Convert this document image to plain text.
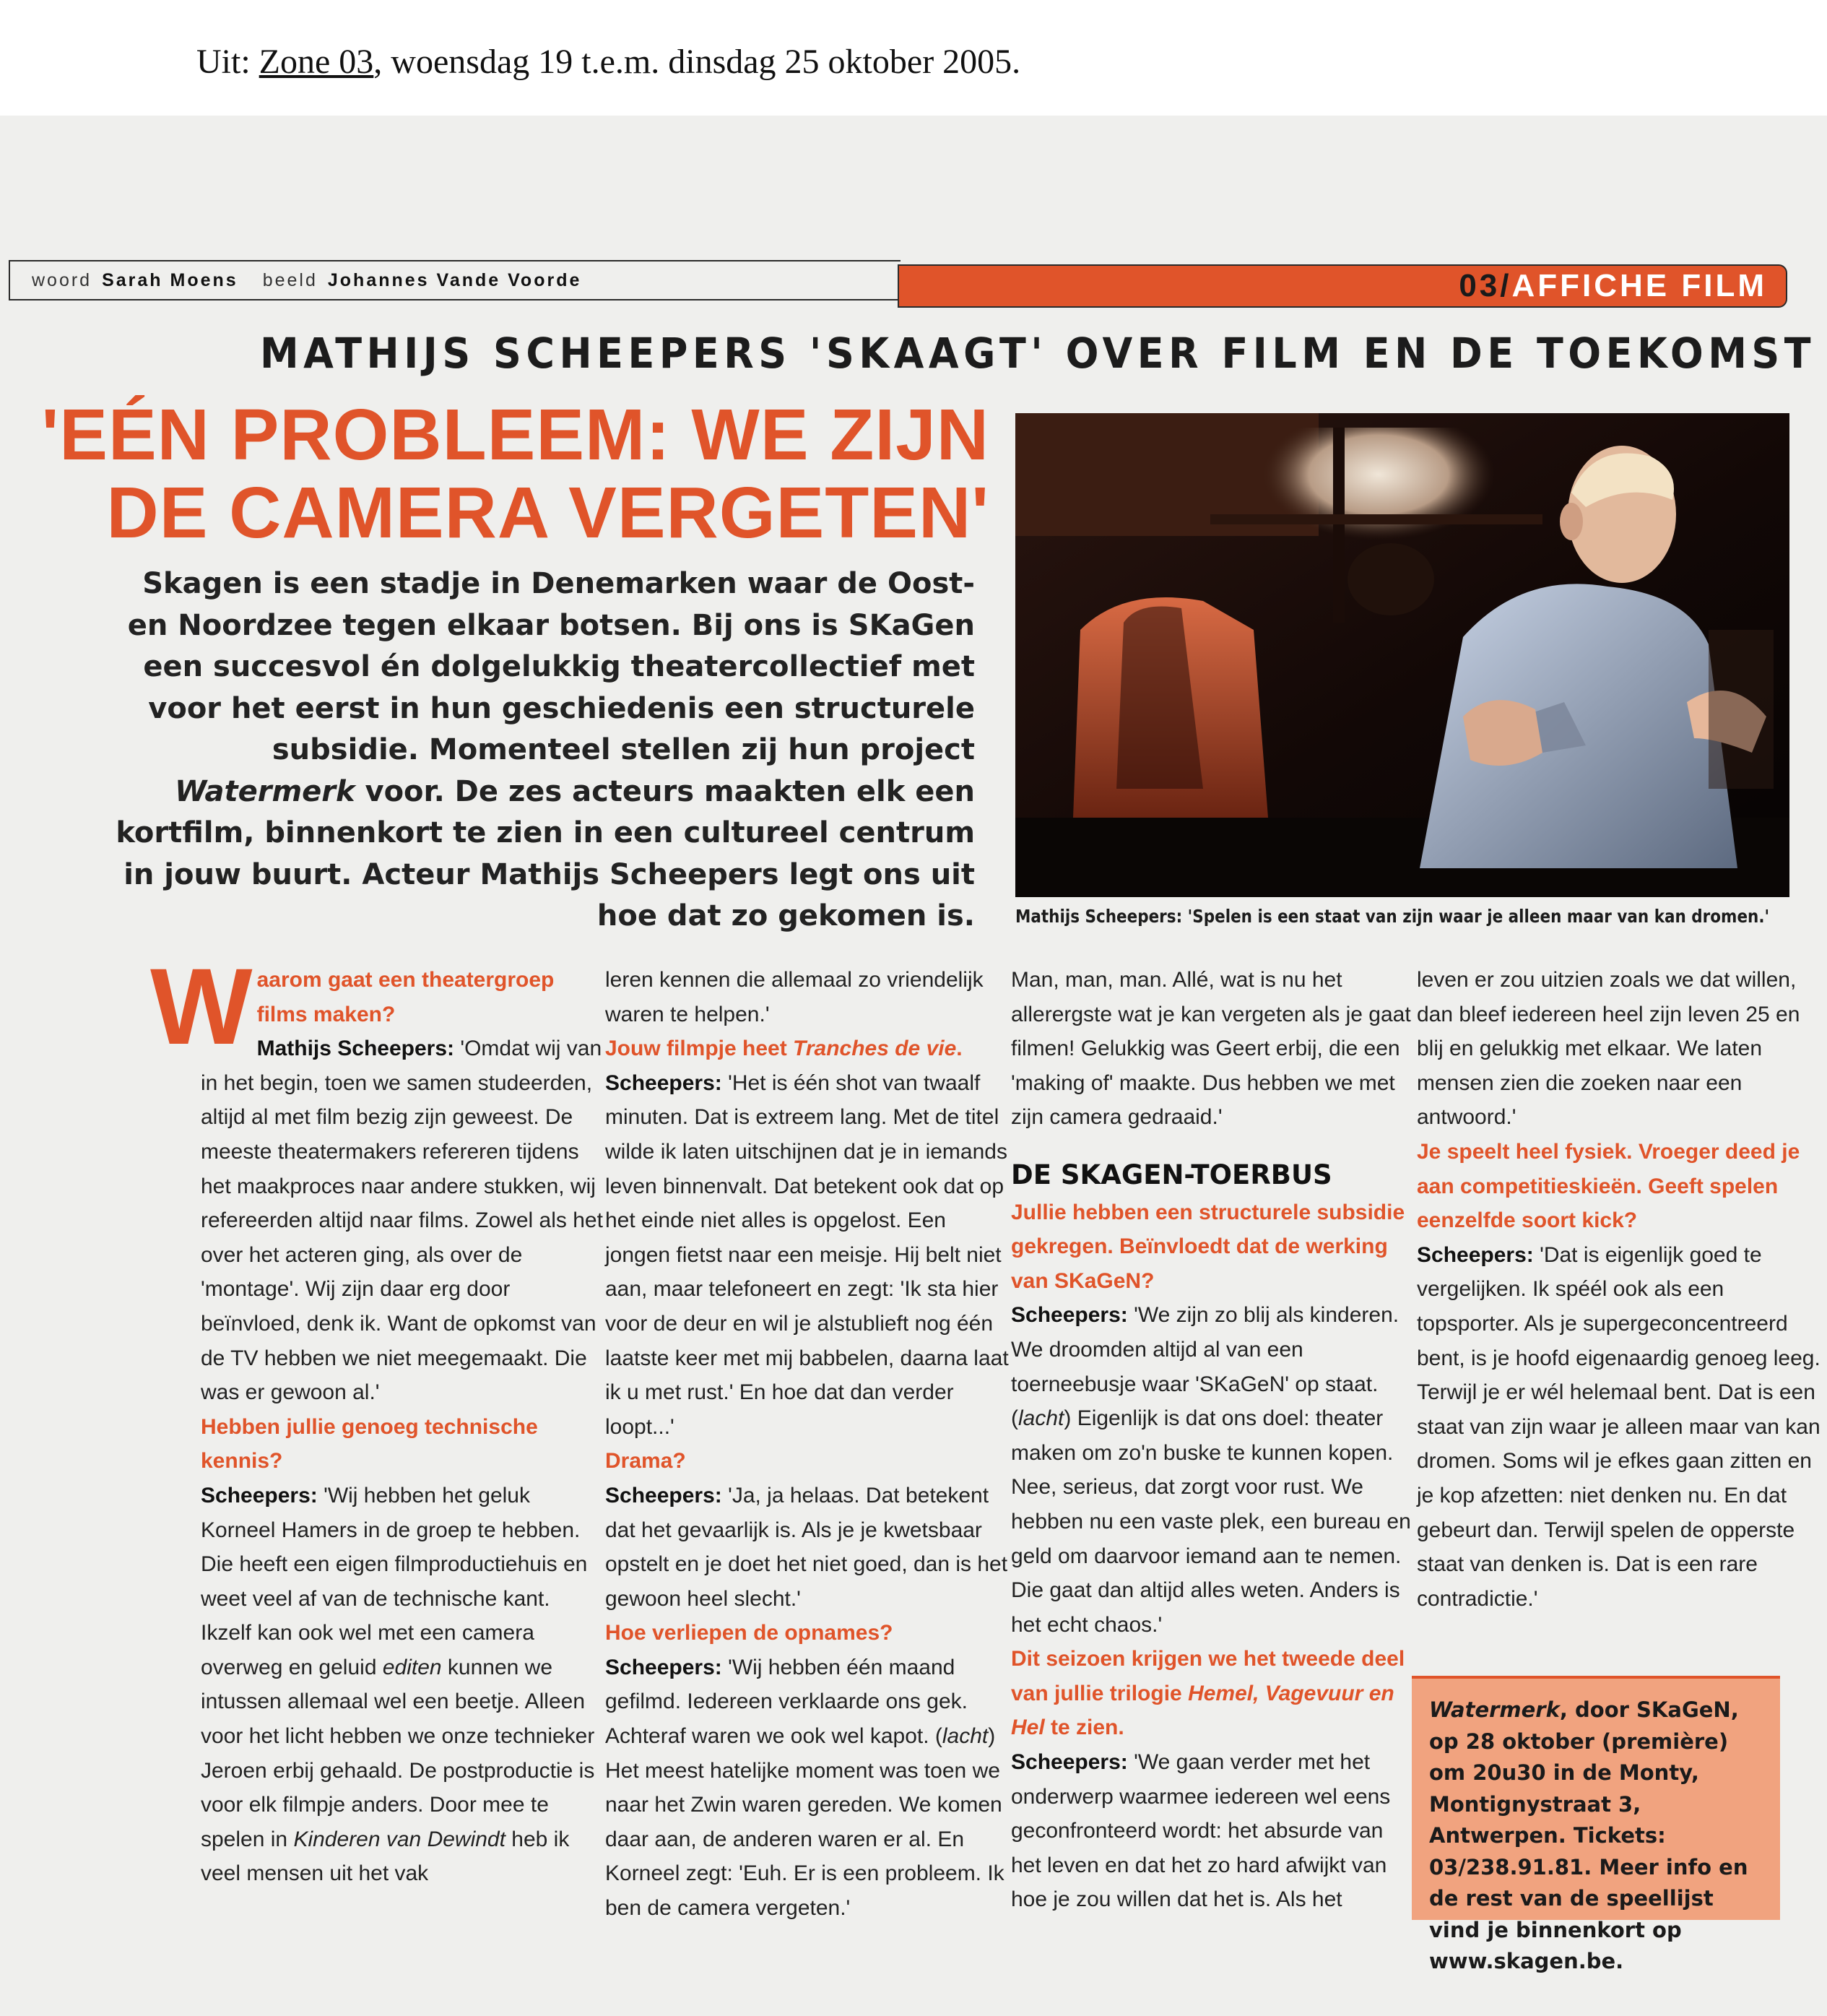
Uit: Zone 03, woensdag 19 t.e.m. dinsdag 25 oktober 2005.
woord Sarah Moens beeld Johannes Vande Voorde	03/ AFFICHE FILM
MATHIJS SCHEEPERS 'SKAAGT' OVER FILM EN DE TOEKOMST
'EÉN PROBLEEM: WE ZIJN
DE CAMERA VERGETEN'
Skagen is een stadje in Denemarken waar de Oost- en Noordzee tegen elkaar botsen. Bij ons is SKaGen een succesvol én dolgelukkig theatercollectief met voor het eerst in hun geschiedenis een structurele subsidie. Momenteel stellen zij hun project Watermerk voor. De zes acteurs maakten elk een kortfilm, binnenkort te zien in een cultureel centrum in jouw buurt. Acteur Mathijs Scheepers legt ons uit hoe dat zo gekomen is. Mathijs Scheepers: 'Spelen is een staat van zijn waar je alleen maar van kan dromen.'

Waarom gaat een theatergroep films maken?

Mathijs Scheepers: 'Omdat wij van in het begin, toen we samen studeerden, altijd al met film bezig zijn geweest. De meeste theatermakers refereren tijdens het maakproces naar andere stukken, wij refereerden altijd naar films. Zowel als het over het acteren ging, als over de 'montage'. Wij zijn daar erg door beïnvloed, denk ik. Want de opkomst van de TV hebben we niet meegemaakt. Die was er gewoon al.'

Hebben jullie genoeg technische kennis?

Scheepers: 'Wij hebben het geluk Korneel Hamers in de groep te hebben. Die heeft een eigen filmproductiehuis en weet veel af van de technische kant. Ikzelf kan ook wel met een camera overweg en geluid editen kunnen we intussen allemaal wel een beetje. Alleen voor het licht hebben we onze technieker Jeroen erbij gehaald. De postproductie is voor elk filmpje anders. Door mee te spelen in Kinderen van Dewindt heb ik veel mensen uit het vak

leren kennen die allemaal zo vriendelijk waren te helpen.'

Jouw filmpje heet Tranches de vie.

Scheepers: 'Het is één shot van twaalf minuten. Dat is extreem lang. Met de titel wilde ik laten uitschijnen dat je in iemands leven binnenvalt. Dat betekent ook dat op het einde niet alles is opgelost. Een jongen fietst naar een meisje. Hij belt niet aan, maar telefoneert en zegt: 'Ik sta hier voor de deur en wil je alstublieft nog één laatste keer met mij babbelen, daarna laat ik u met rust.' En hoe dat dan verder loopt...'

Drama?

Scheepers: 'Ja, ja helaas. Dat betekent dat het gevaarlijk is. Als je je kwetsbaar opstelt en je doet het niet goed, dan is het gewoon heel slecht.'

Hoe verliepen de opnames?

Scheepers: 'Wij hebben één maand gefilmd. Iedereen verklaarde ons gek. Achteraf waren we ook wel kapot. (lacht) Het meest hatelijke moment was toen we naar het Zwin waren gereden. We komen daar aan, de anderen waren er al. En Korneel zegt: 'Euh. Er is een probleem. Ik ben de camera vergeten.'

Man, man, man. Allé, wat is nu het allerergste wat je kan vergeten als je gaat filmen! Gelukkig was Geert erbij, die een 'making of' maakte. Dus hebben we met zijn camera gedraaid.'

DE SKAGEN-TOERBUS

Jullie hebben een structurele subsidie gekregen. Beïnvloedt dat de werking van SKaGeN?

Scheepers: 'We zijn zo blij als kinderen. We droomden altijd al van een toerneebusje waar 'SKaGeN' op staat. (lacht) Eigenlijk is dat ons doel: theater maken om zo'n buske te kunnen kopen. Nee, serieus, dat zorgt voor rust. We hebben nu een vaste plek, een bureau en geld om daarvoor iemand aan te nemen. Die gaat dan altijd alles weten. Anders is het echt chaos.'

Dit seizoen krijgen we het tweede deel van jullie trilogie Hemel, Vagevuur en Hel te zien.

Scheepers: 'We gaan verder met het onderwerp waarmee iedereen wel eens geconfronteerd wordt: het absurde van het leven en dat het zo hard afwijkt van hoe je zou willen dat het is. Als het

leven er zou uitzien zoals we dat willen, dan bleef iedereen heel zijn leven 25 en blij en gelukkig met elkaar. We laten mensen zien die zoeken naar een antwoord.'

Je speelt heel fysiek. Vroeger deed je aan competitieskieën. Geeft spelen eenzelfde soort kick?

Scheepers: 'Dat is eigenlijk goed te vergelijken. Ik spéél ook als een topsporter. Als je supergeconcentreerd bent, is je hoofd eigenaardig genoeg leeg. Terwijl je er wél helemaal bent. Dat is een staat van zijn waar je alleen maar van kan dromen. Soms wil je efkes gaan zitten en je kop afzetten: niet denken nu. En dat gebeurt dan. Terwijl spelen de opperste staat van denken is. Dat is een rare contradictie.'

Watermerk, door SKaGeN, op 28 oktober (première) om 20u30 in de Monty, Montignystraat 3, Antwerpen. Tickets: 03/238.91.81. Meer info en de rest van de speellijst vind je binnenkort op www.skagen.be.
